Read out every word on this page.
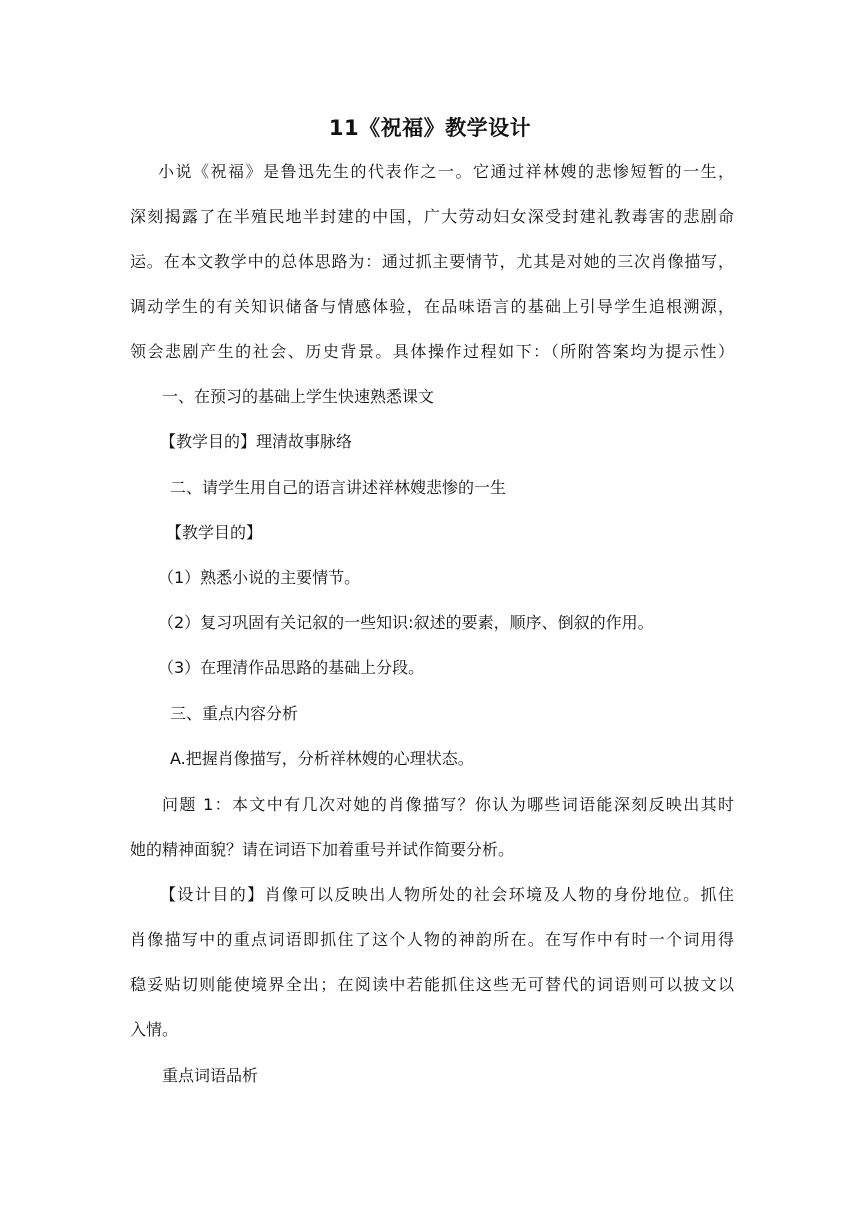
11《祝福》教学设计

小说《祝福》是鲁迅先生的代表作之一。它通过祥林嫂的悲惨短暂的一生，

深刻揭露了在半殖民地半封建的中国，广大劳动妇女深受封建礼教毒害的悲剧命

运。在本文教学中的总体思路为：通过抓主要情节，尤其是对她的三次肖像描写，

调动学生的有关知识储备与情感体验，在品味语言的基础上引导学生追根溯源，

领会悲剧产生的社会、历史背景。具体操作过程如下：（所附答案均为提示性）

一、在预习的基础上学生快速熟悉课文

【教学目的】理清故事脉络

二、请学生用自己的语言讲述祥林嫂悲惨的一生

【教学目的】

（1）熟悉小说的主要情节。

（2）复习巩固有关记叙的一些知识:叙述的要素，顺序、倒叙的作用。

（3）在理清作品思路的基础上分段。

三、重点内容分析

A.把握肖像描写，分析祥林嫂的心理状态。

问题 1：本文中有几次对她的肖像描写？你认为哪些词语能深刻反映出其时

她的精神面貌？请在词语下加着重号并试作简要分析。

【设计目的】肖像可以反映出人物所处的社会环境及人物的身份地位。抓住

肖像描写中的重点词语即抓住了这个人物的神韵所在。在写作中有时一个词用得

稳妥贴切则能使境界全出；在阅读中若能抓住这些无可替代的词语则可以披文以

入情。

重点词语品析
